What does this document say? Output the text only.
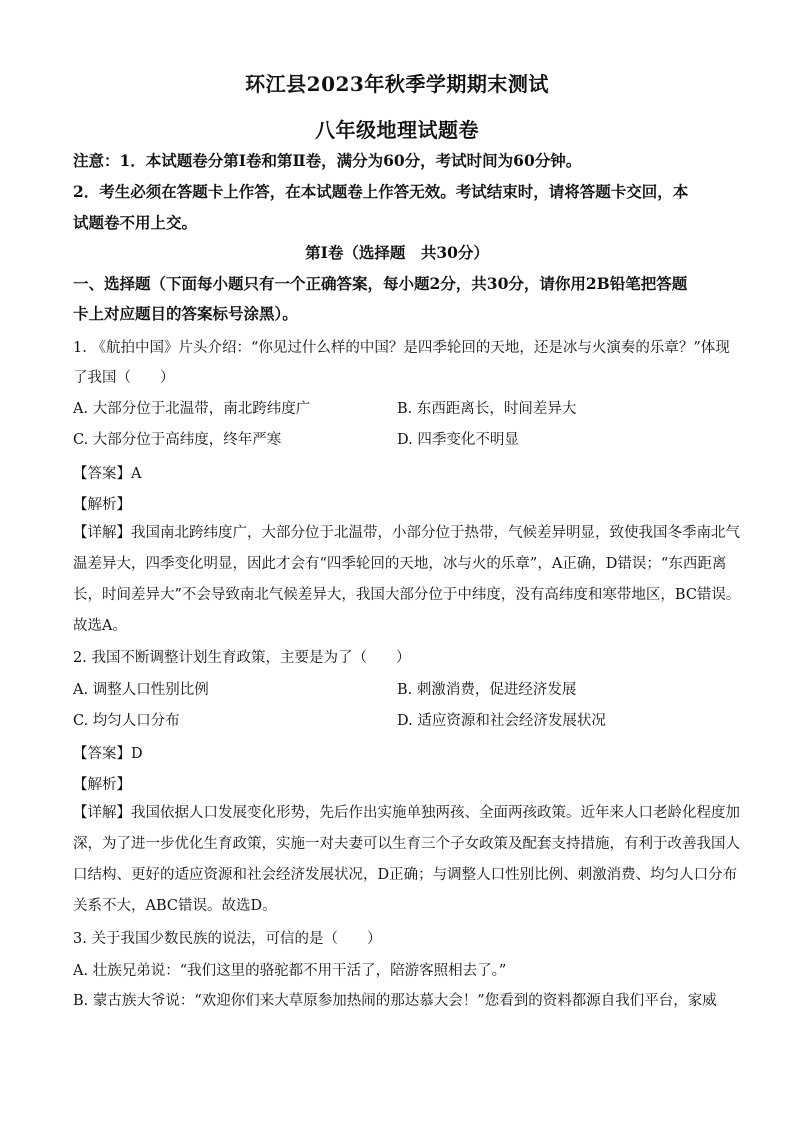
环江县2023年秋季学期期末测试
八年级地理试题卷
注意：1．本试题卷分第Ⅰ卷和第Ⅱ卷，满分为60分，考试时间为60分钟。
2．考生必须在答题卡上作答，在本试题卷上作答无效。考试结束时，请将答题卡交回，本
试题卷不用上交。
第Ⅰ卷（选择题　共30分）
一、选择题（下面每小题只有一个正确答案，每小题2分，共30分，请你用2B铅笔把答题
卡上对应题目的答案标号涂黑）。
1. 《航拍中国》片头介绍：“你见过什么样的中国？是四季轮回的天地，还是冰与火演奏的乐章？”体现
了我国（　　）
A. 大部分位于北温带，南北跨纬度广	B. 东西距离长，时间差异大
C. 大部分位于高纬度，终年严寒	D. 四季变化不明显
【答案】A
【解析】
【详解】我国南北跨纬度广，大部分位于北温带，小部分位于热带，气候差异明显，致使我国冬季南北气
温差异大，四季变化明显，因此才会有“四季轮回的天地，冰与火的乐章”，A正确，D错误；“东西距离
长，时间差异大”不会导致南北气候差异大，我国大部分位于中纬度，没有高纬度和寒带地区，BC错误。
故选A。
2. 我国不断调整计划生育政策，主要是为了（　　）
A. 调整人口性别比例	B. 刺激消费，促进经济发展
C. 均匀人口分布	D. 适应资源和社会经济发展状况
【答案】D
【解析】
【详解】我国依据人口发展变化形势，先后作出实施单独两孩、全面两孩政策。近年来人口老龄化程度加
深，为了进一步优化生育政策，实施一对夫妻可以生育三个子女政策及配套支持措施，有利于改善我国人
口结构、更好的适应资源和社会经济发展状况，D正确；与调整人口性别比例、刺激消费、均匀人口分布
关系不大，ABC错误。故选D。
3. 关于我国少数民族的说法，可信的是（　　）
A. 壮族兄弟说：“我们这里的骆驼都不用干活了，陪游客照相去了。”
B. 蒙古族大爷说：“欢迎你们来大草原参加热闹的那达慕大会！”您看到的资料都源自我们平台，家威
